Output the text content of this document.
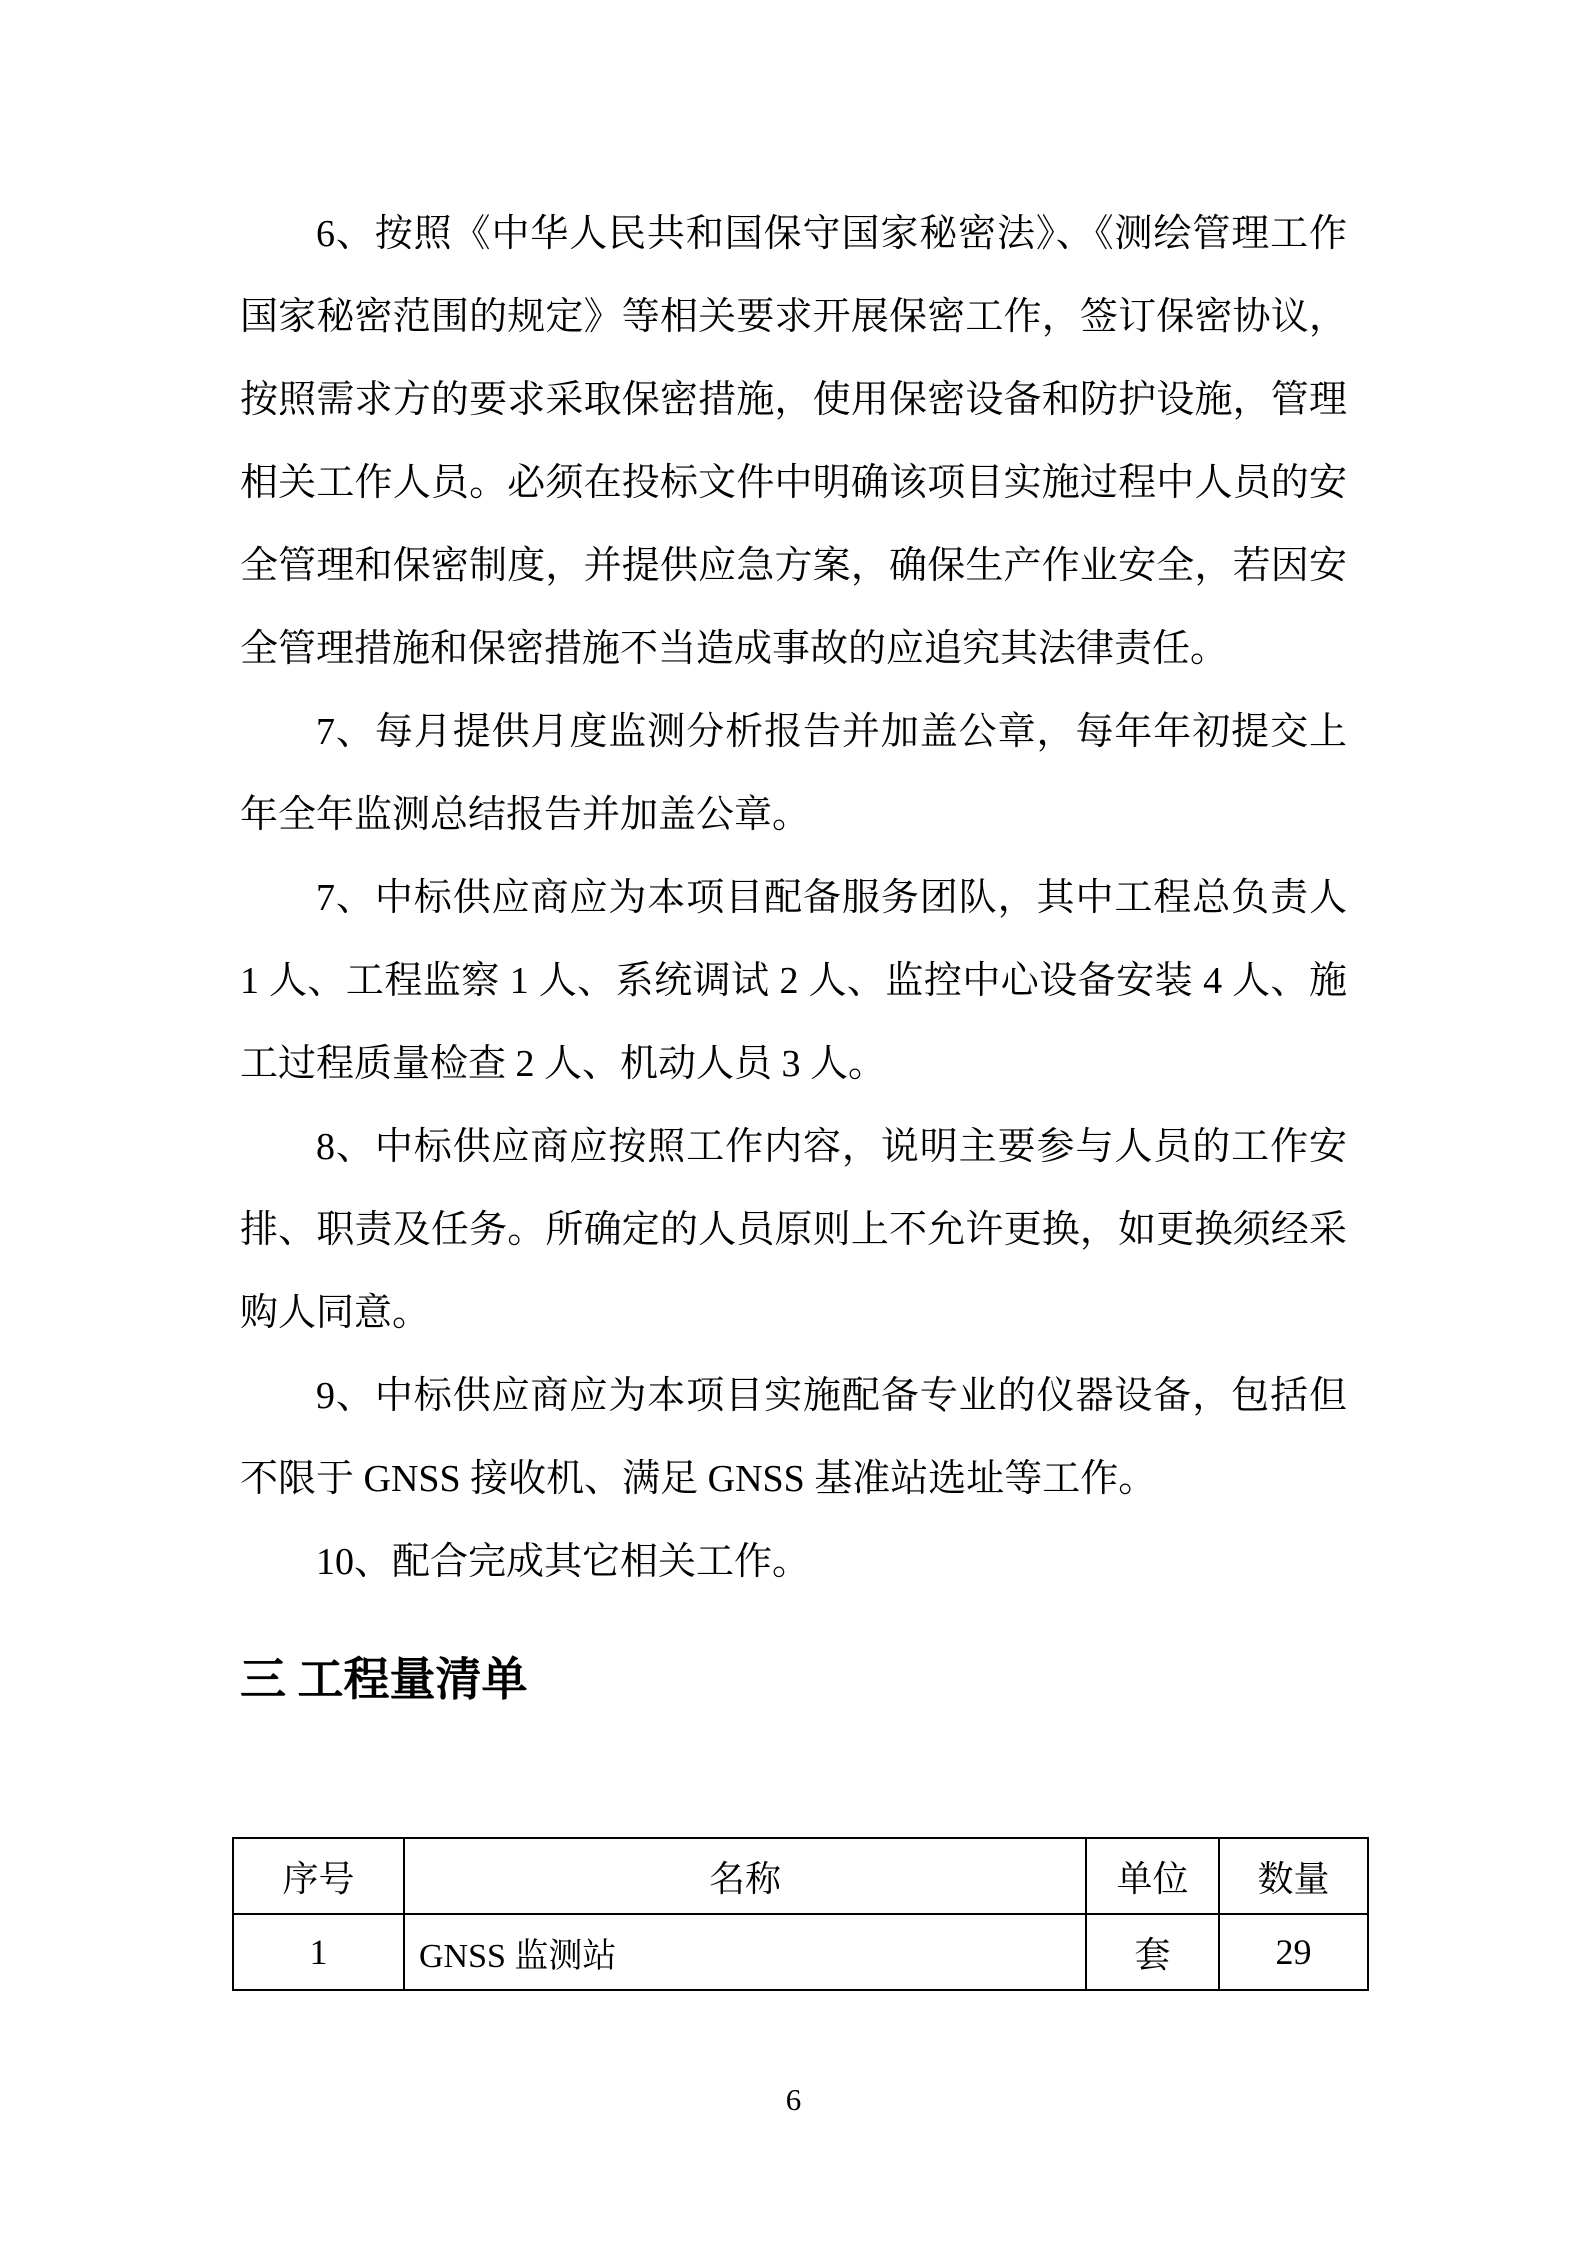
6、按照《中华人民共和国保守国家秘密法》、《测绘管理工作国家秘密范围的规定》等相关要求开展保密工作，签订保密协议，按照需求方的要求采取保密措施，使用保密设备和防护设施，管理相关工作人员。必须在投标文件中明确该项目实施过程中人员的安全管理和保密制度，并提供应急方案，确保生产作业安全，若因安全管理措施和保密措施不当造成事故的应追究其法律责任。

7、每月提供月度监测分析报告并加盖公章，每年年初提交上年全年监测总结报告并加盖公章。

7、中标供应商应为本项目配备服务团队，其中工程总负责人 1 人、工程监察 1 人、系统调试 2 人、监控中心设备安装 4 人、施工过程质量检查 2 人、机动人员 3 人。

8、中标供应商应按照工作内容，说明主要参与人员的工作安排、职责及任务。所确定的人员原则上不允许更换，如更换须经采购人同意。

9、中标供应商应为本项目实施配备专业的仪器设备，包括但不限于 GNSS 接收机、满足 GNSS 基准站选址等工作。

10、配合完成其它相关工作。

三 工程量清单
序号	名称	单位	数量
1	GNSS 监测站	套	29
6
